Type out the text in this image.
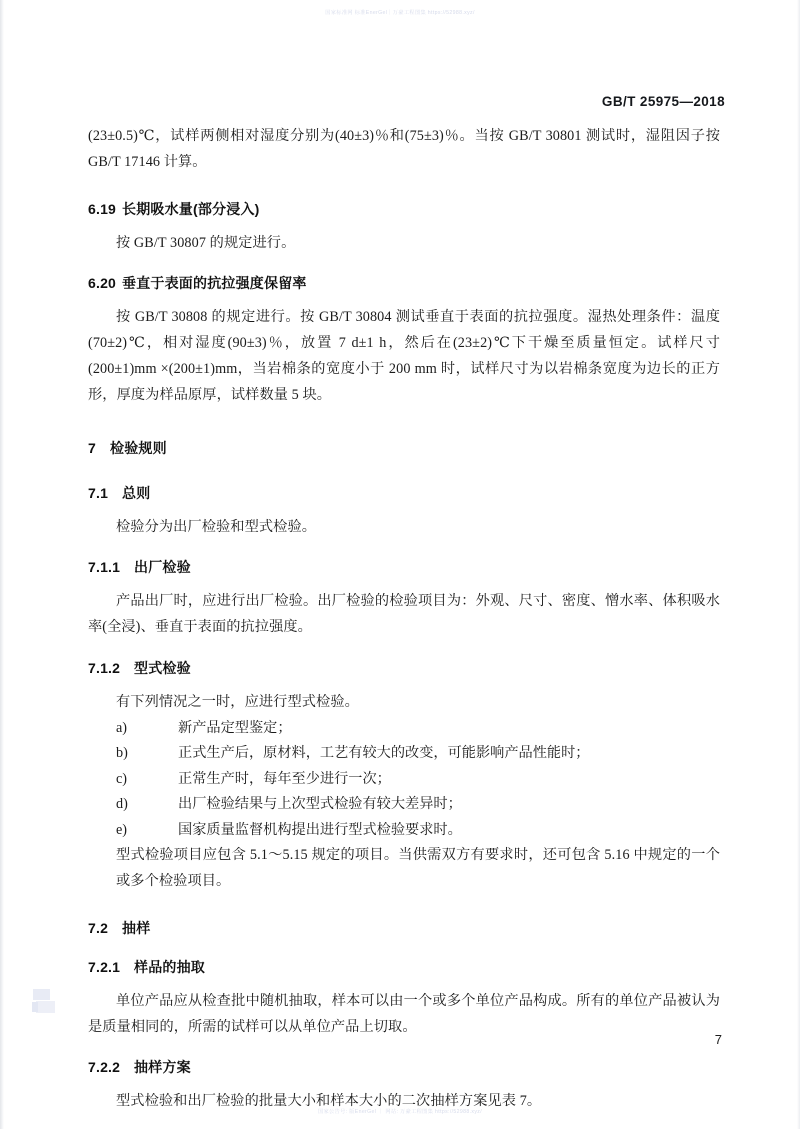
国家标准网 标准EnerGel｜万豪工程图集 https://52988.xyz/
GB/T 25975—2018

(23±0.5)℃，试样两侧相对湿度分别为(40±3)％和(75±3)％。当按 GB/T 30801 测试时，湿阻因子按 GB/T 17146 计算。

6.19 长期吸水量(部分浸入)

按 GB/T 30807 的规定进行。

6.20 垂直于表面的抗拉强度保留率

按 GB/T 30808 的规定进行。按 GB/T 30804 测试垂直于表面的抗拉强度。湿热处理条件：温度(70±2)℃，相对湿度(90±3)％，放置 7 d±1 h，然后在(23±2)℃下干燥至质量恒定。试样尺寸(200±1)mm ×(200±1)mm，当岩棉条的宽度小于 200 mm 时，试样尺寸为以岩棉条宽度为边长的正方形，厚度为样品原厚，试样数量 5 块。

7 检验规则
7.1 总则

检验分为出厂检验和型式检验。

7.1.1 出厂检验

产品出厂时，应进行出厂检验。出厂检验的检验项目为：外观、尺寸、密度、憎水率、体积吸水率(全浸)、垂直于表面的抗拉强度。

7.1.2 型式检验

有下列情况之一时，应进行型式检验。

a)	新产品定型鉴定；
b)	正式生产后，原材料，工艺有较大的改变，可能影响产品性能时；
c)	正常生产时，每年至少进行一次；
d)	出厂检验结果与上次型式检验有较大差异时；
e)	国家质量监督机构提出进行型式检验要求时。

型式检验项目应包含 5.1～5.15 规定的项目。当供需双方有要求时，还可包含 5.16 中规定的一个或多个检验项目。

7.2 抽样
7.2.1 样品的抽取

单位产品应从检查批中随机抽取，样本可以由一个或多个单位产品构成。所有的单位产品被认为是质量相同的，所需的试样可以从单位产品上切取。

7.2.2 抽样方案

型式检验和出厂检验的批量大小和样本大小的二次抽样方案见表 7。

7
国家公告号: 版EnerGel ｜ 网站: 万豪工程图集 https://52988.xyz/
